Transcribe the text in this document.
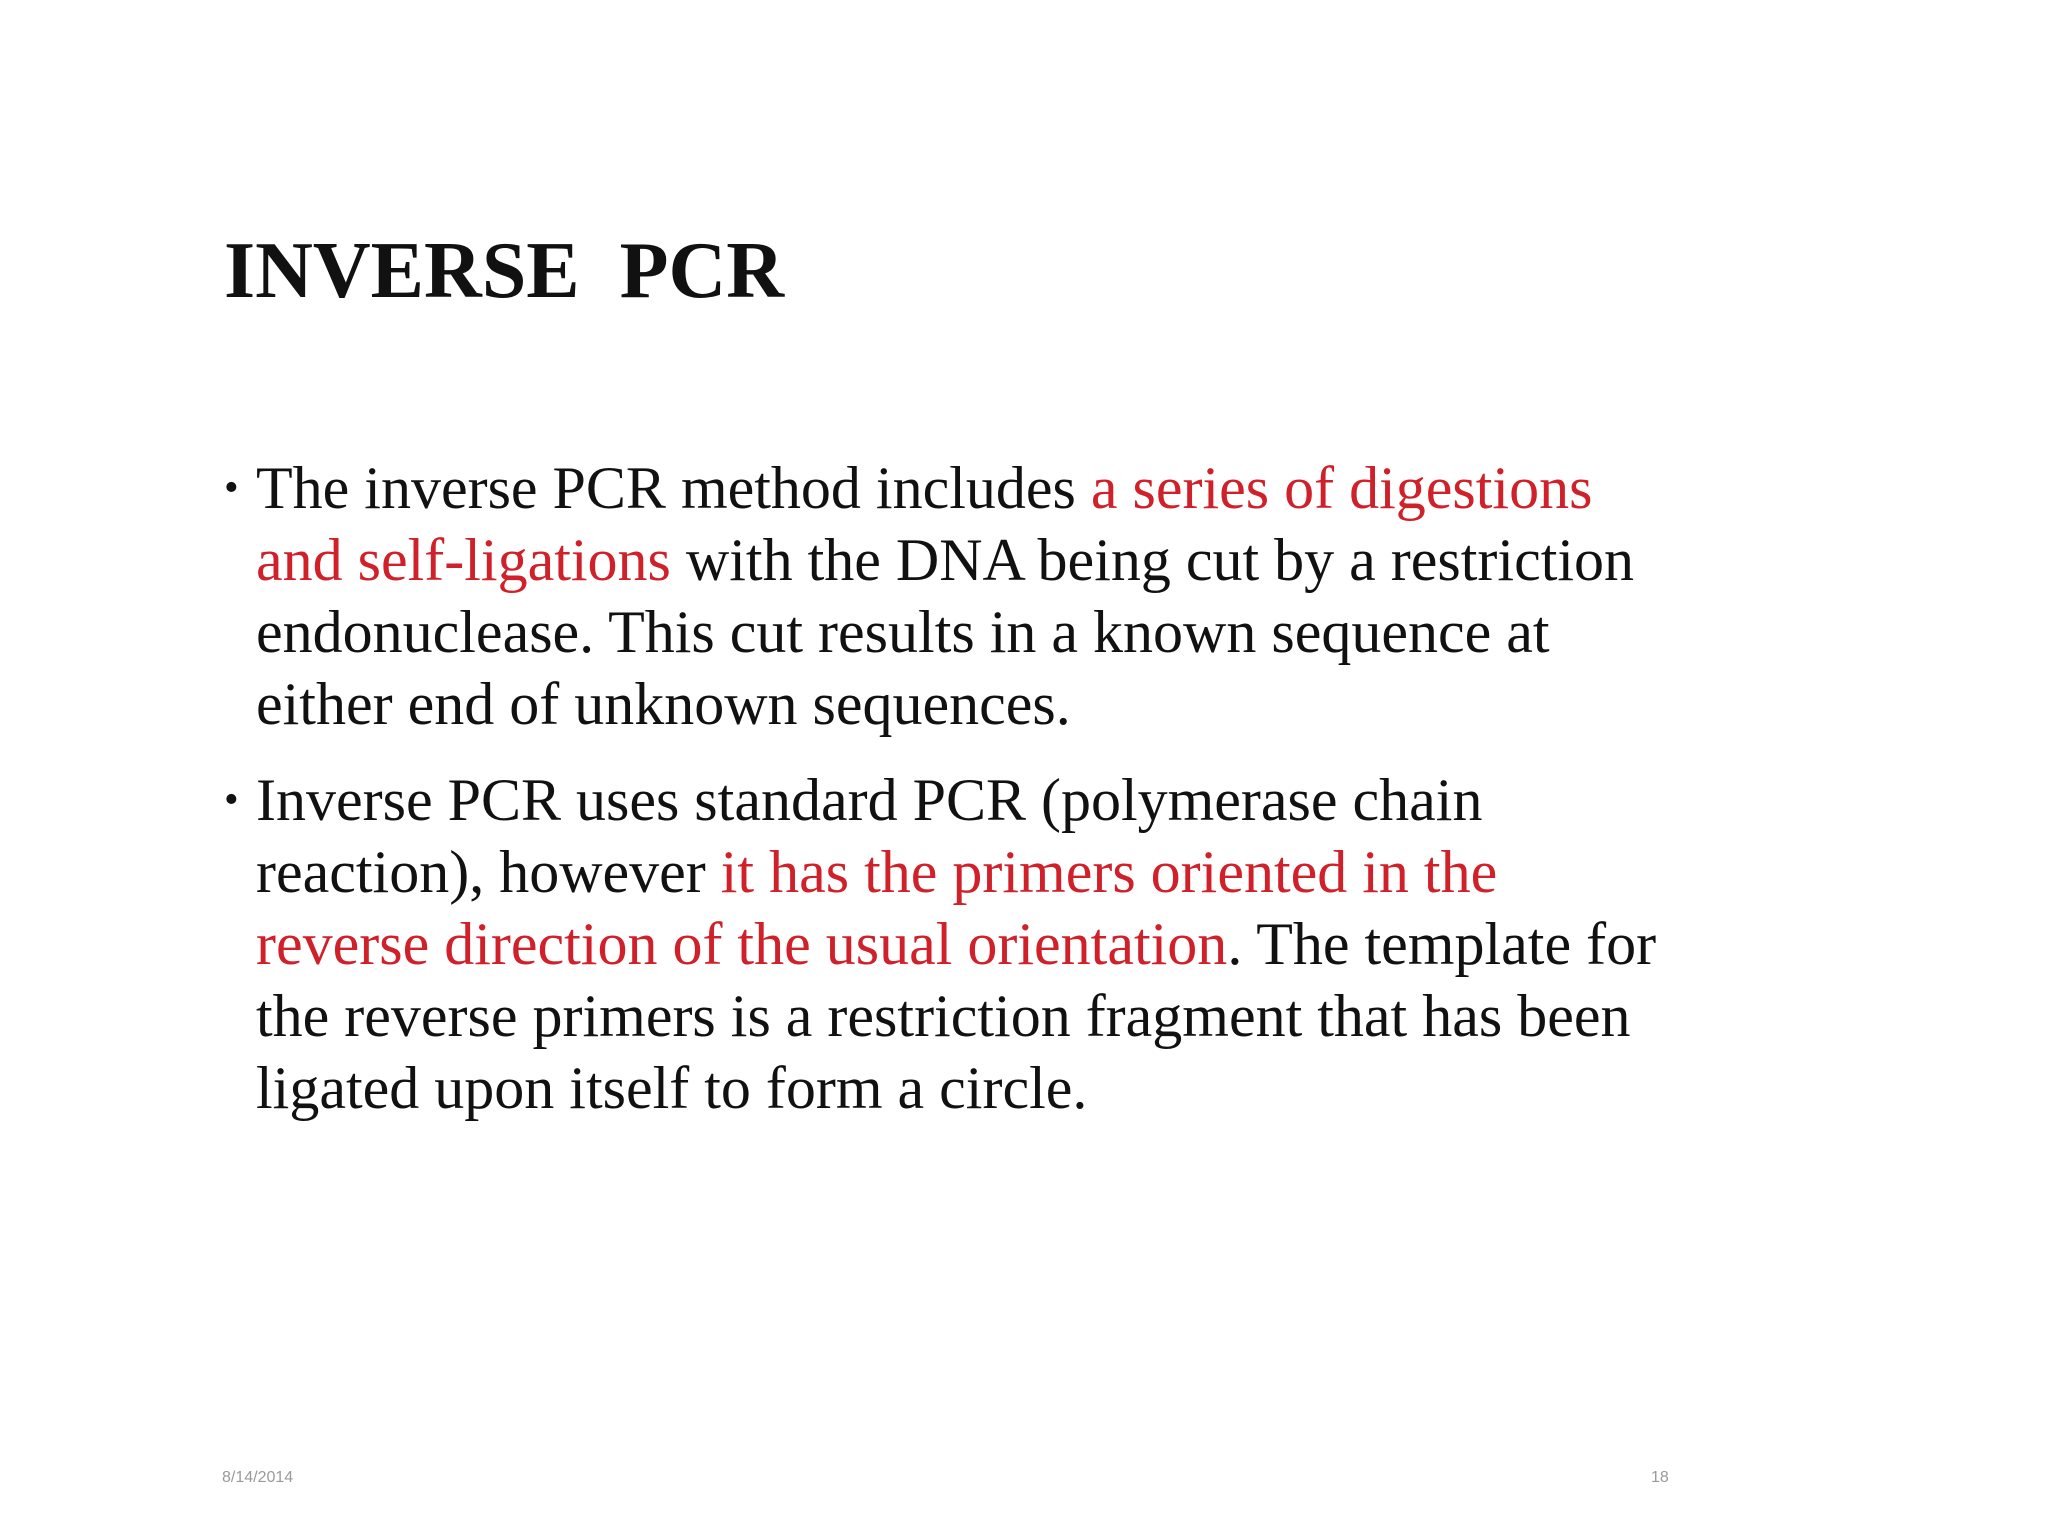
INVERSE  PCR
• The inverse PCR method includes a series of digestions and self-ligations with the DNA being cut by a restriction endonuclease. This cut results in a known sequence at either end of unknown sequences.
• Inverse PCR uses standard PCR (polymerase chain reaction), however it has the primers oriented in the reverse direction of the usual orientation. The template for the reverse primers is a restriction fragment that has been ligated upon itself to form a circle.
8/14/2014	18
